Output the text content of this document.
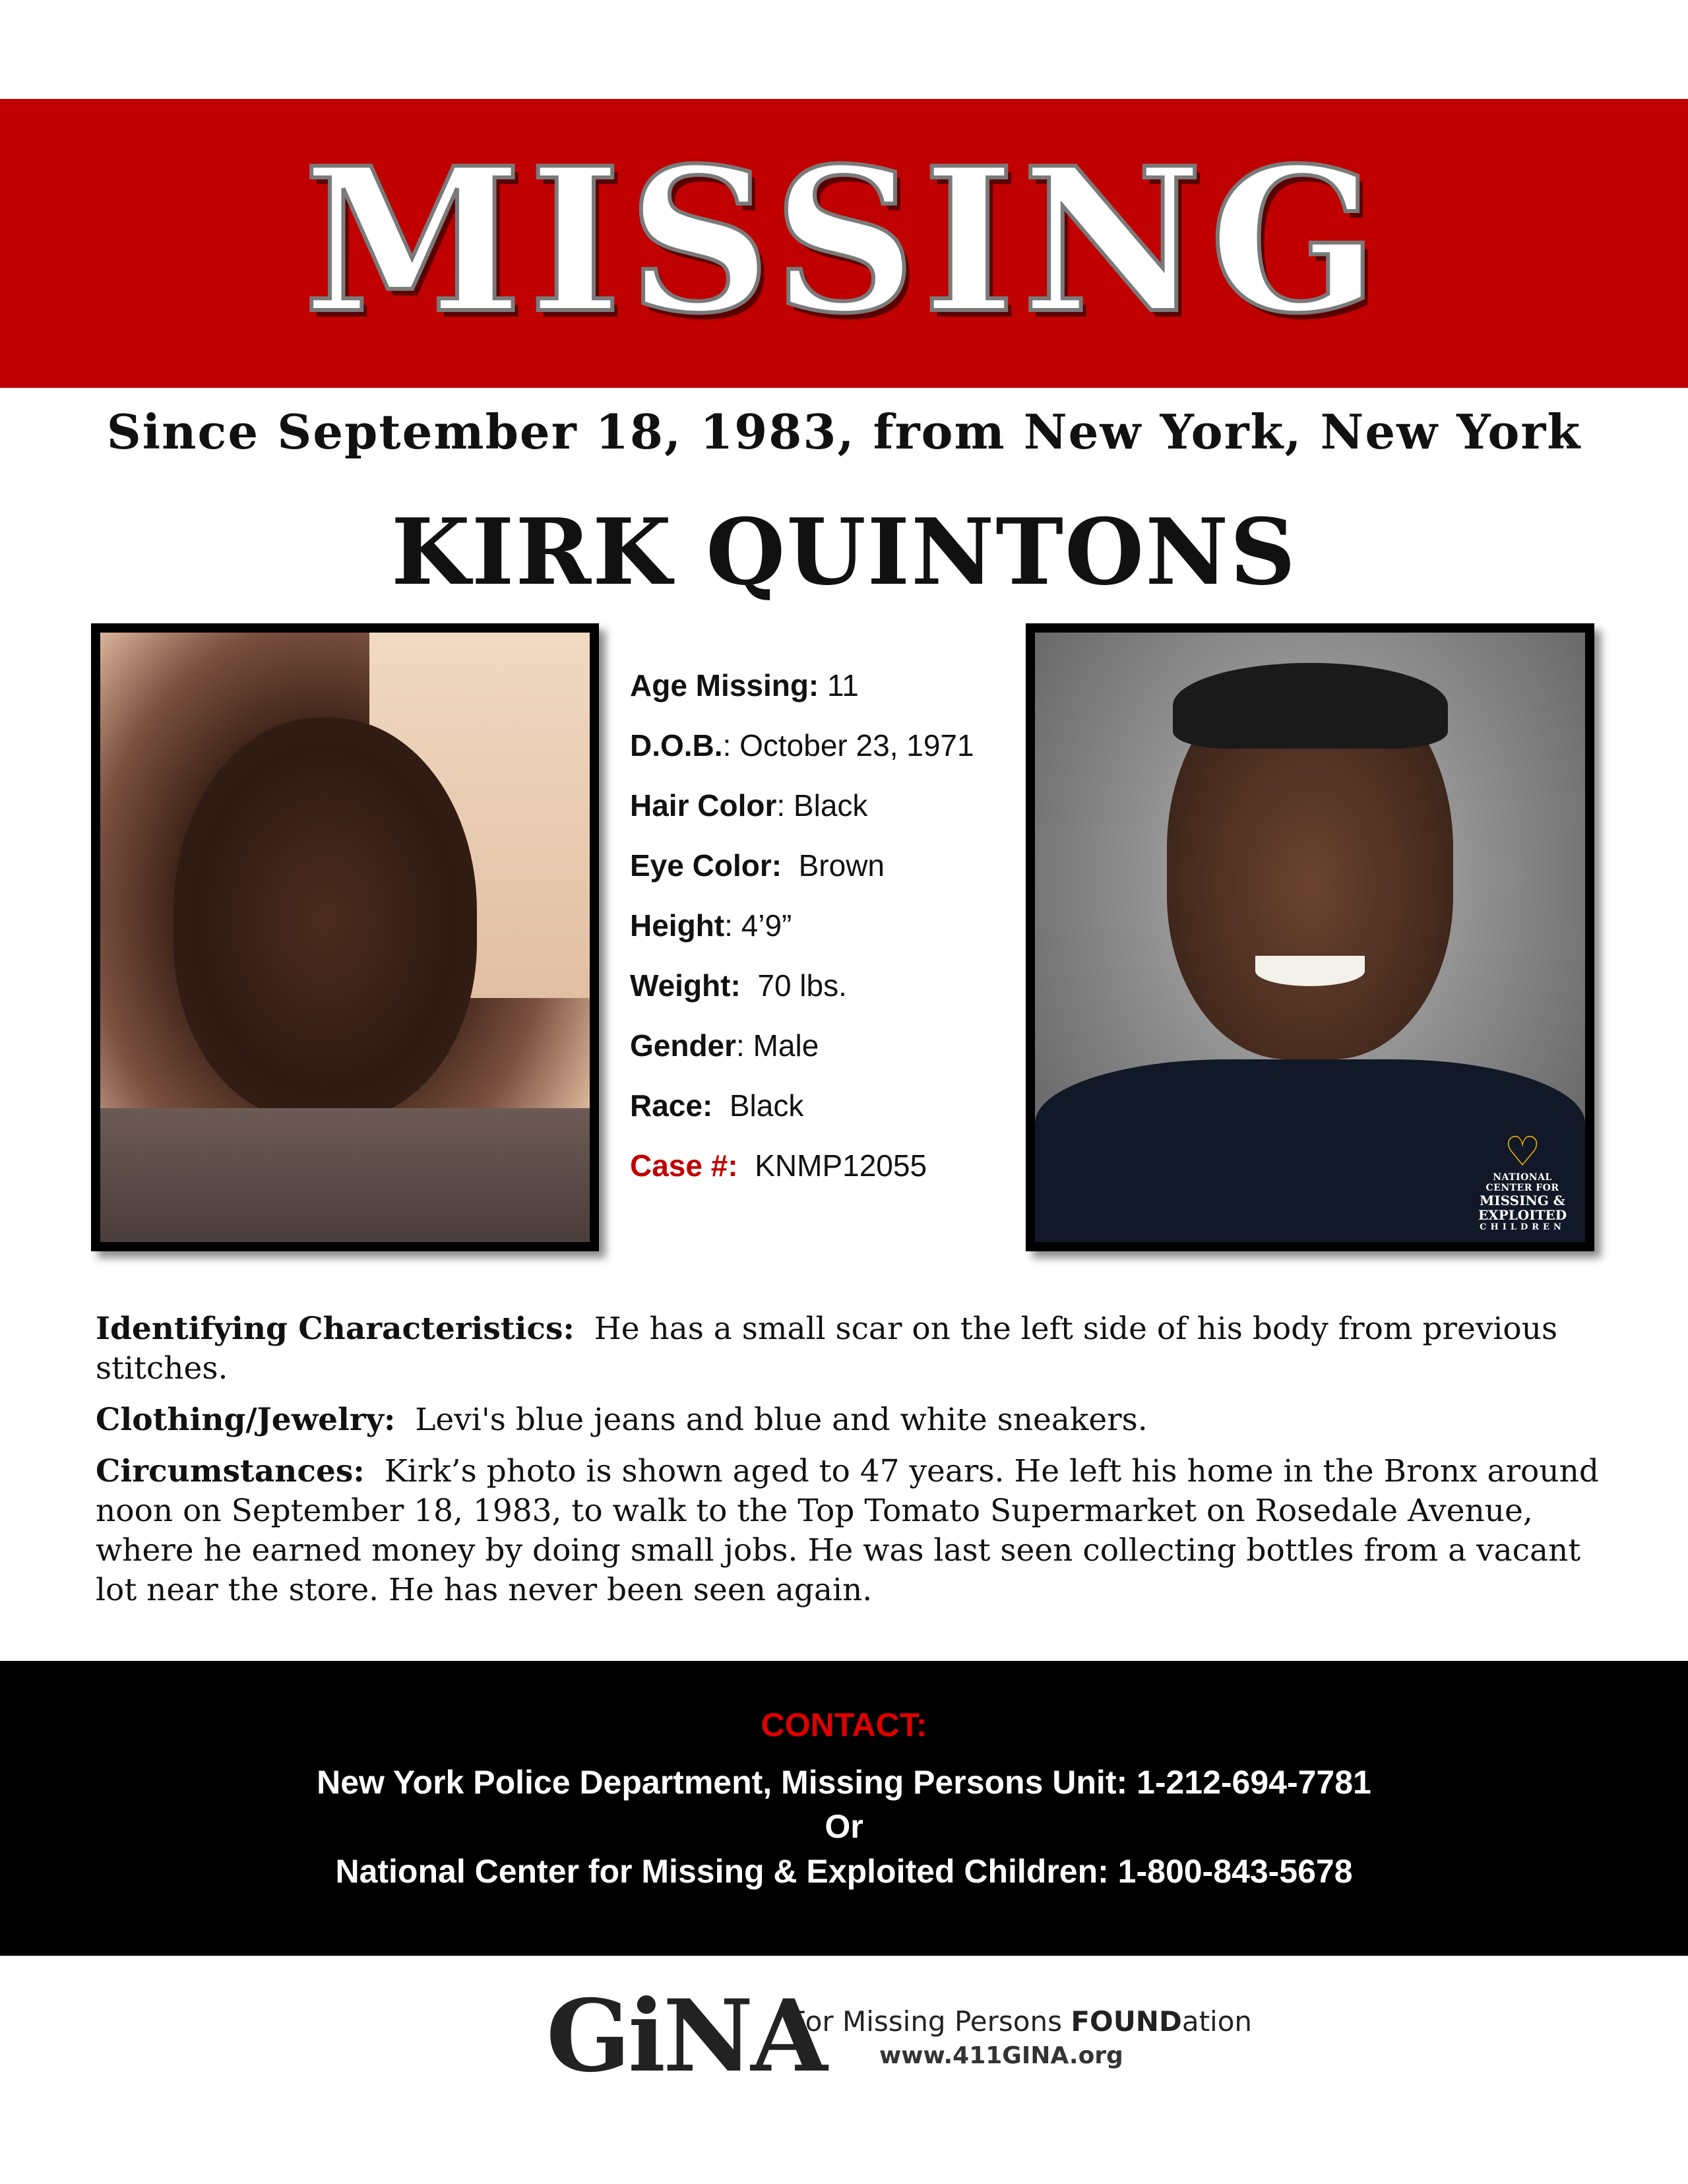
MISSING
Since September 18, 1983, from New York, New York
KIRK QUINTONS
Age Missing: 11
D.O.B.: October 23, 1971
Hair Color: Black
Eye Color: Brown
Height: 4’9”
Weight: 70 lbs.
Gender: Male
Race: Black
Case #: KNMP12055	♡
NATIONAL CENTER FOR
MISSING &
EXPLOITED
CHILDREN

Identifying Characteristics: He has a small scar on the left side of his body from previous stitches.

Clothing/Jewelry: Levi's blue jeans and blue and white sneakers.

Circumstances: Kirk’s photo is shown aged to 47 years. He left his home in the Bronx around noon on September 18, 1983, to walk to the Top Tomato Supermarket on Rosedale Avenue, where he earned money by doing small jobs. He was last seen collecting bottles from a vacant lot near the store. He has never been seen again.

CONTACT:
New York Police Department, Missing Persons Unit: 1-212-694-7781
Or
National Center for Missing & Exploited Children: 1-800-843-5678
GiNA
For Missing Persons FOUNDation
www.411GINA.org
